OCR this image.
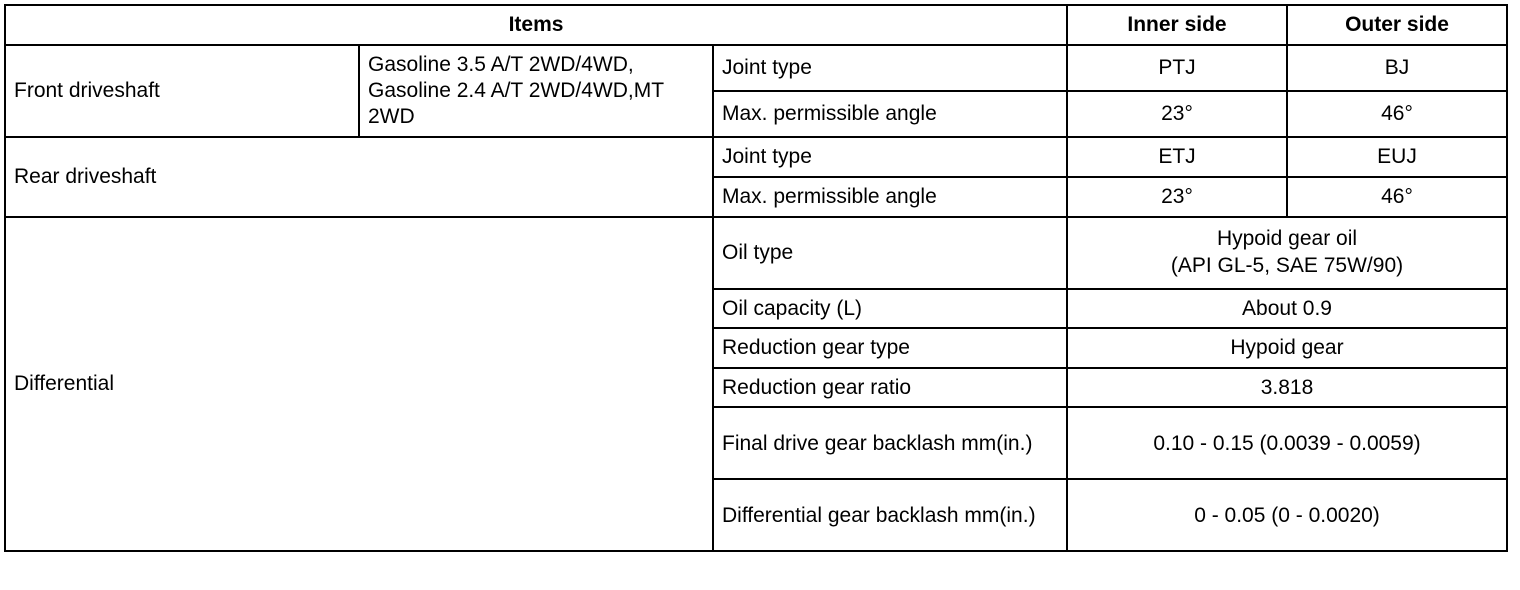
Items			Inner side	Outer side
Front driveshaft	Gasoline 3.5 A/T 2WD/4WD, Gasoline 2.4 A/T 2WD/4WD,MT 2WD	Joint type	PTJ	BJ
		Max. permissible angle	23°	46°
Rear driveshaft		Joint type	ETJ	EUJ
		Max. permissible angle	23°	46°
Differential		Oil type	Hypoid gear oil
(API GL-5, SAE 75W/90)	

		Oil capacity (L)	About 0.9	
		Reduction gear type	Hypoid gear	
		Reduction gear ratio	3.818	
		Final drive gear backlash mm(in.)	0.10 - 0.15 (0.0039 - 0.0059)	
		Differential gear backlash mm(in.)	0 - 0.05 (0 - 0.0020)	
